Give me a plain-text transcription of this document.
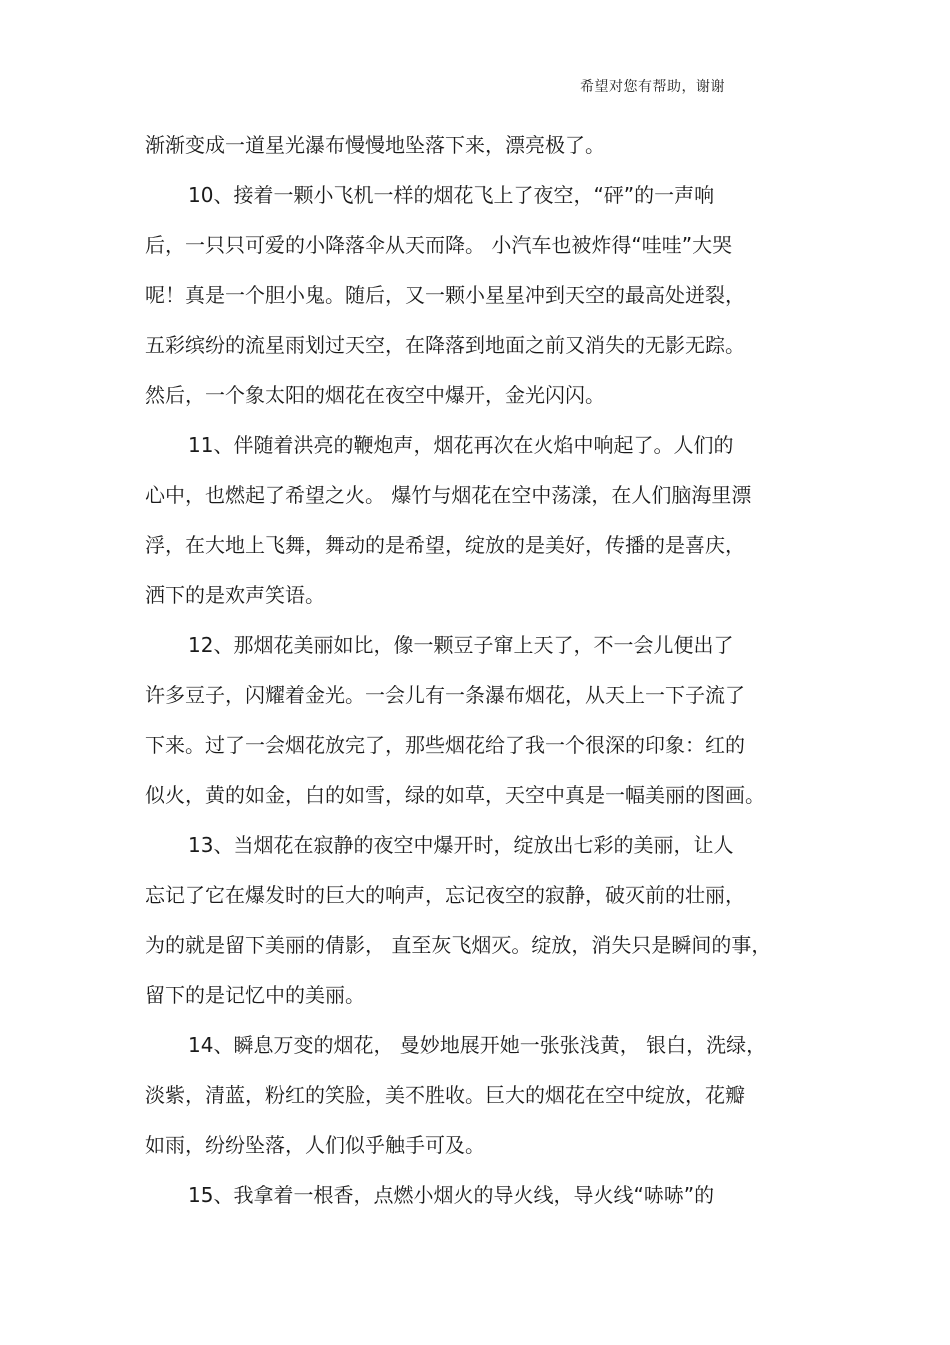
希望对您有帮助，谢谢
渐渐变成一道星光瀑布慢慢地坠落下来，漂亮极了。
10、接着一颗小飞机一样的烟花飞上了夜空，“砰”的一声响
后，一只只可爱的小降落伞从天而降。 小汽车也被炸得“哇哇”大哭
呢！真是一个胆小鬼。随后，又一颗小星星冲到天空的最高处迸裂，
五彩缤纷的流星雨划过天空，在降落到地面之前又消失的无影无踪。
然后，一个象太阳的烟花在夜空中爆开，金光闪闪。
11、伴随着洪亮的鞭炮声，烟花再次在火焰中响起了。人们的
心中，也燃起了希望之火。 爆竹与烟花在空中荡漾，在人们脑海里漂
浮，在大地上飞舞，舞动的是希望，绽放的是美好，传播的是喜庆，
洒下的是欢声笑语。
12、那烟花美丽如比，像一颗豆子窜上天了，不一会儿便出了
许多豆子，闪耀着金光。一会儿有一条瀑布烟花，从天上一下子流了
下来。过了一会烟花放完了，那些烟花给了我一个很深的印象：红的
似火，黄的如金，白的如雪，绿的如草，天空中真是一幅美丽的图画。
13、当烟花在寂静的夜空中爆开时，绽放出七彩的美丽，让人
忘记了它在爆发时的巨大的响声，忘记夜空的寂静，破灭前的壮丽，
为的就是留下美丽的倩影， 直至灰飞烟灭。绽放，消失只是瞬间的事，
留下的是记忆中的美丽。
14、瞬息万变的烟花， 曼妙地展开她一张张浅黄， 银白，洗绿，
淡紫，清蓝，粉红的笑脸，美不胜收。巨大的烟花在空中绽放，花瓣
如雨，纷纷坠落，人们似乎触手可及。
15、我拿着一根香，点燃小烟火的导火线，导火线“哧哧”的
